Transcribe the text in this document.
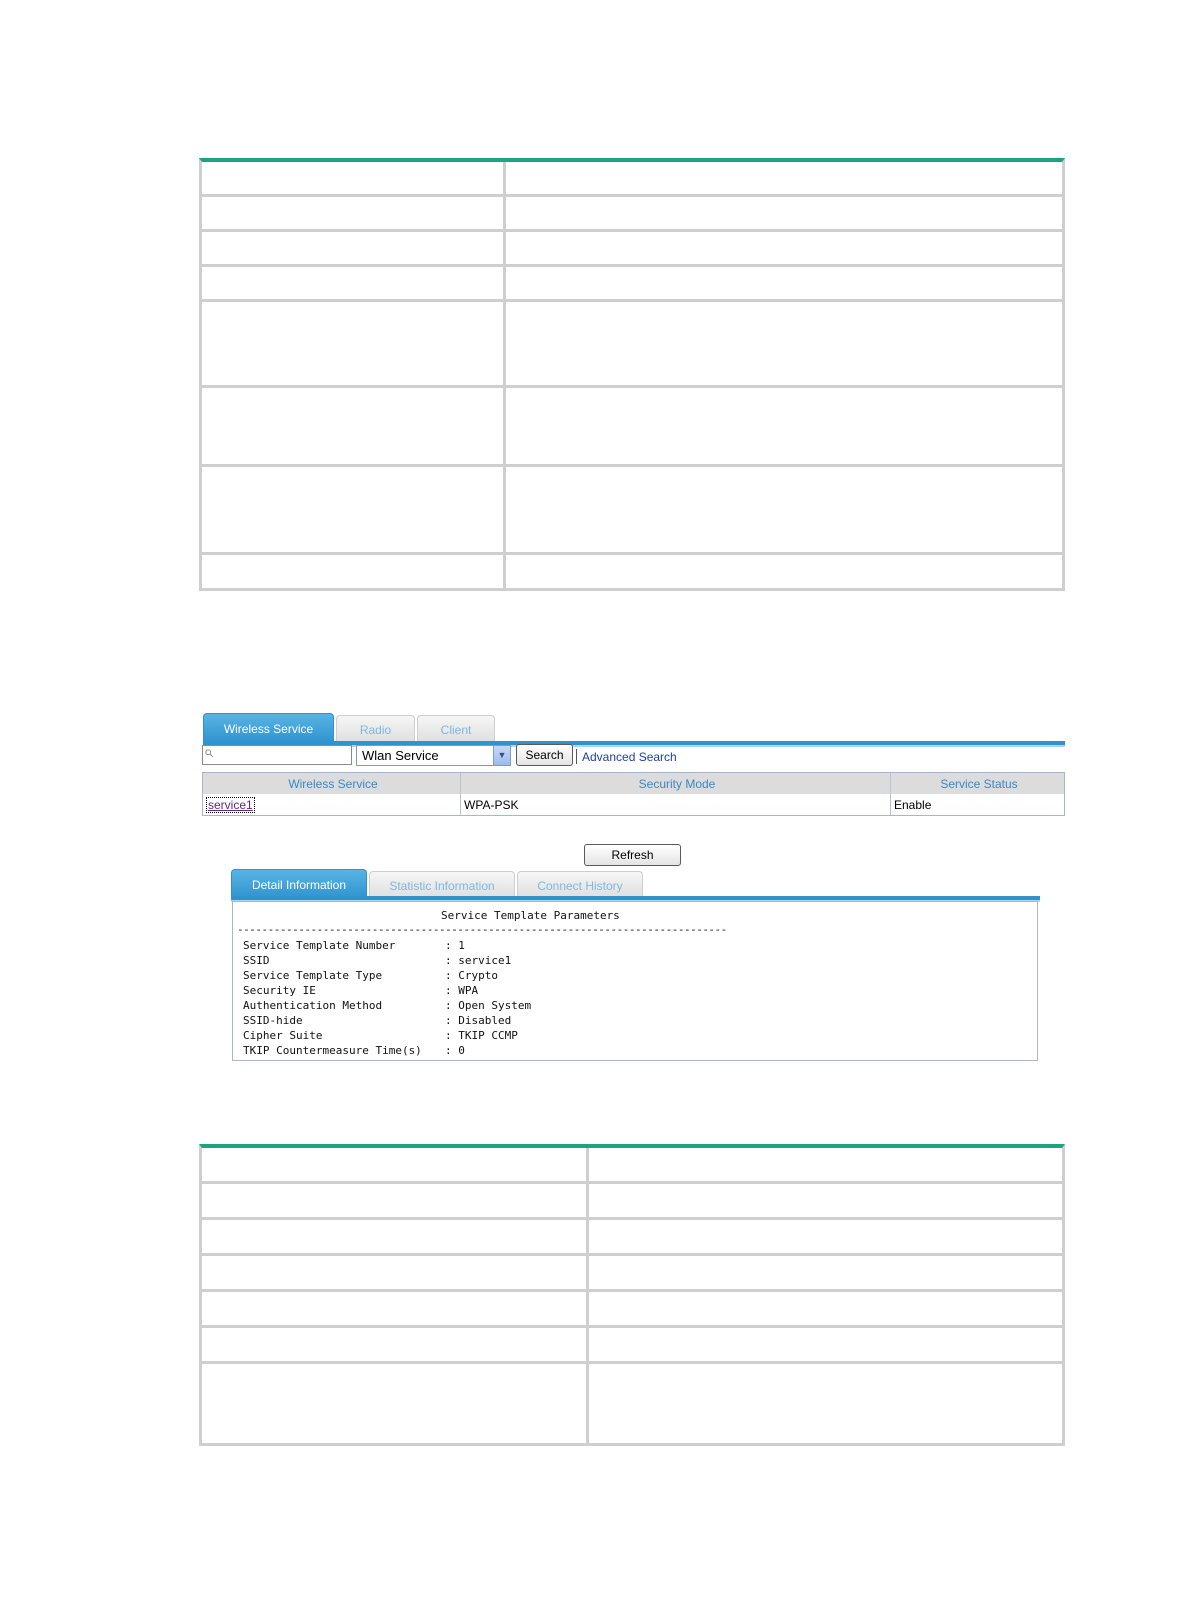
Wireless Service	Radio	Client
Wlan Service	▼	Search	Advanced Search
Wireless Service	Security Mode	Service Status
service1	WPA-PSK	Enable
Refresh
Detail Information	Statistic Information	Connect History
Service Template Parameters
--------------------------------------------------------------------------------
Service Template Number	: 1
SSID	: service1
Service Template Type	: Crypto
Security IE	: WPA
Authentication Method	: Open System
SSID-hide	: Disabled
Cipher Suite	: TKIP CCMP
TKIP Countermeasure Time(s) : 0
